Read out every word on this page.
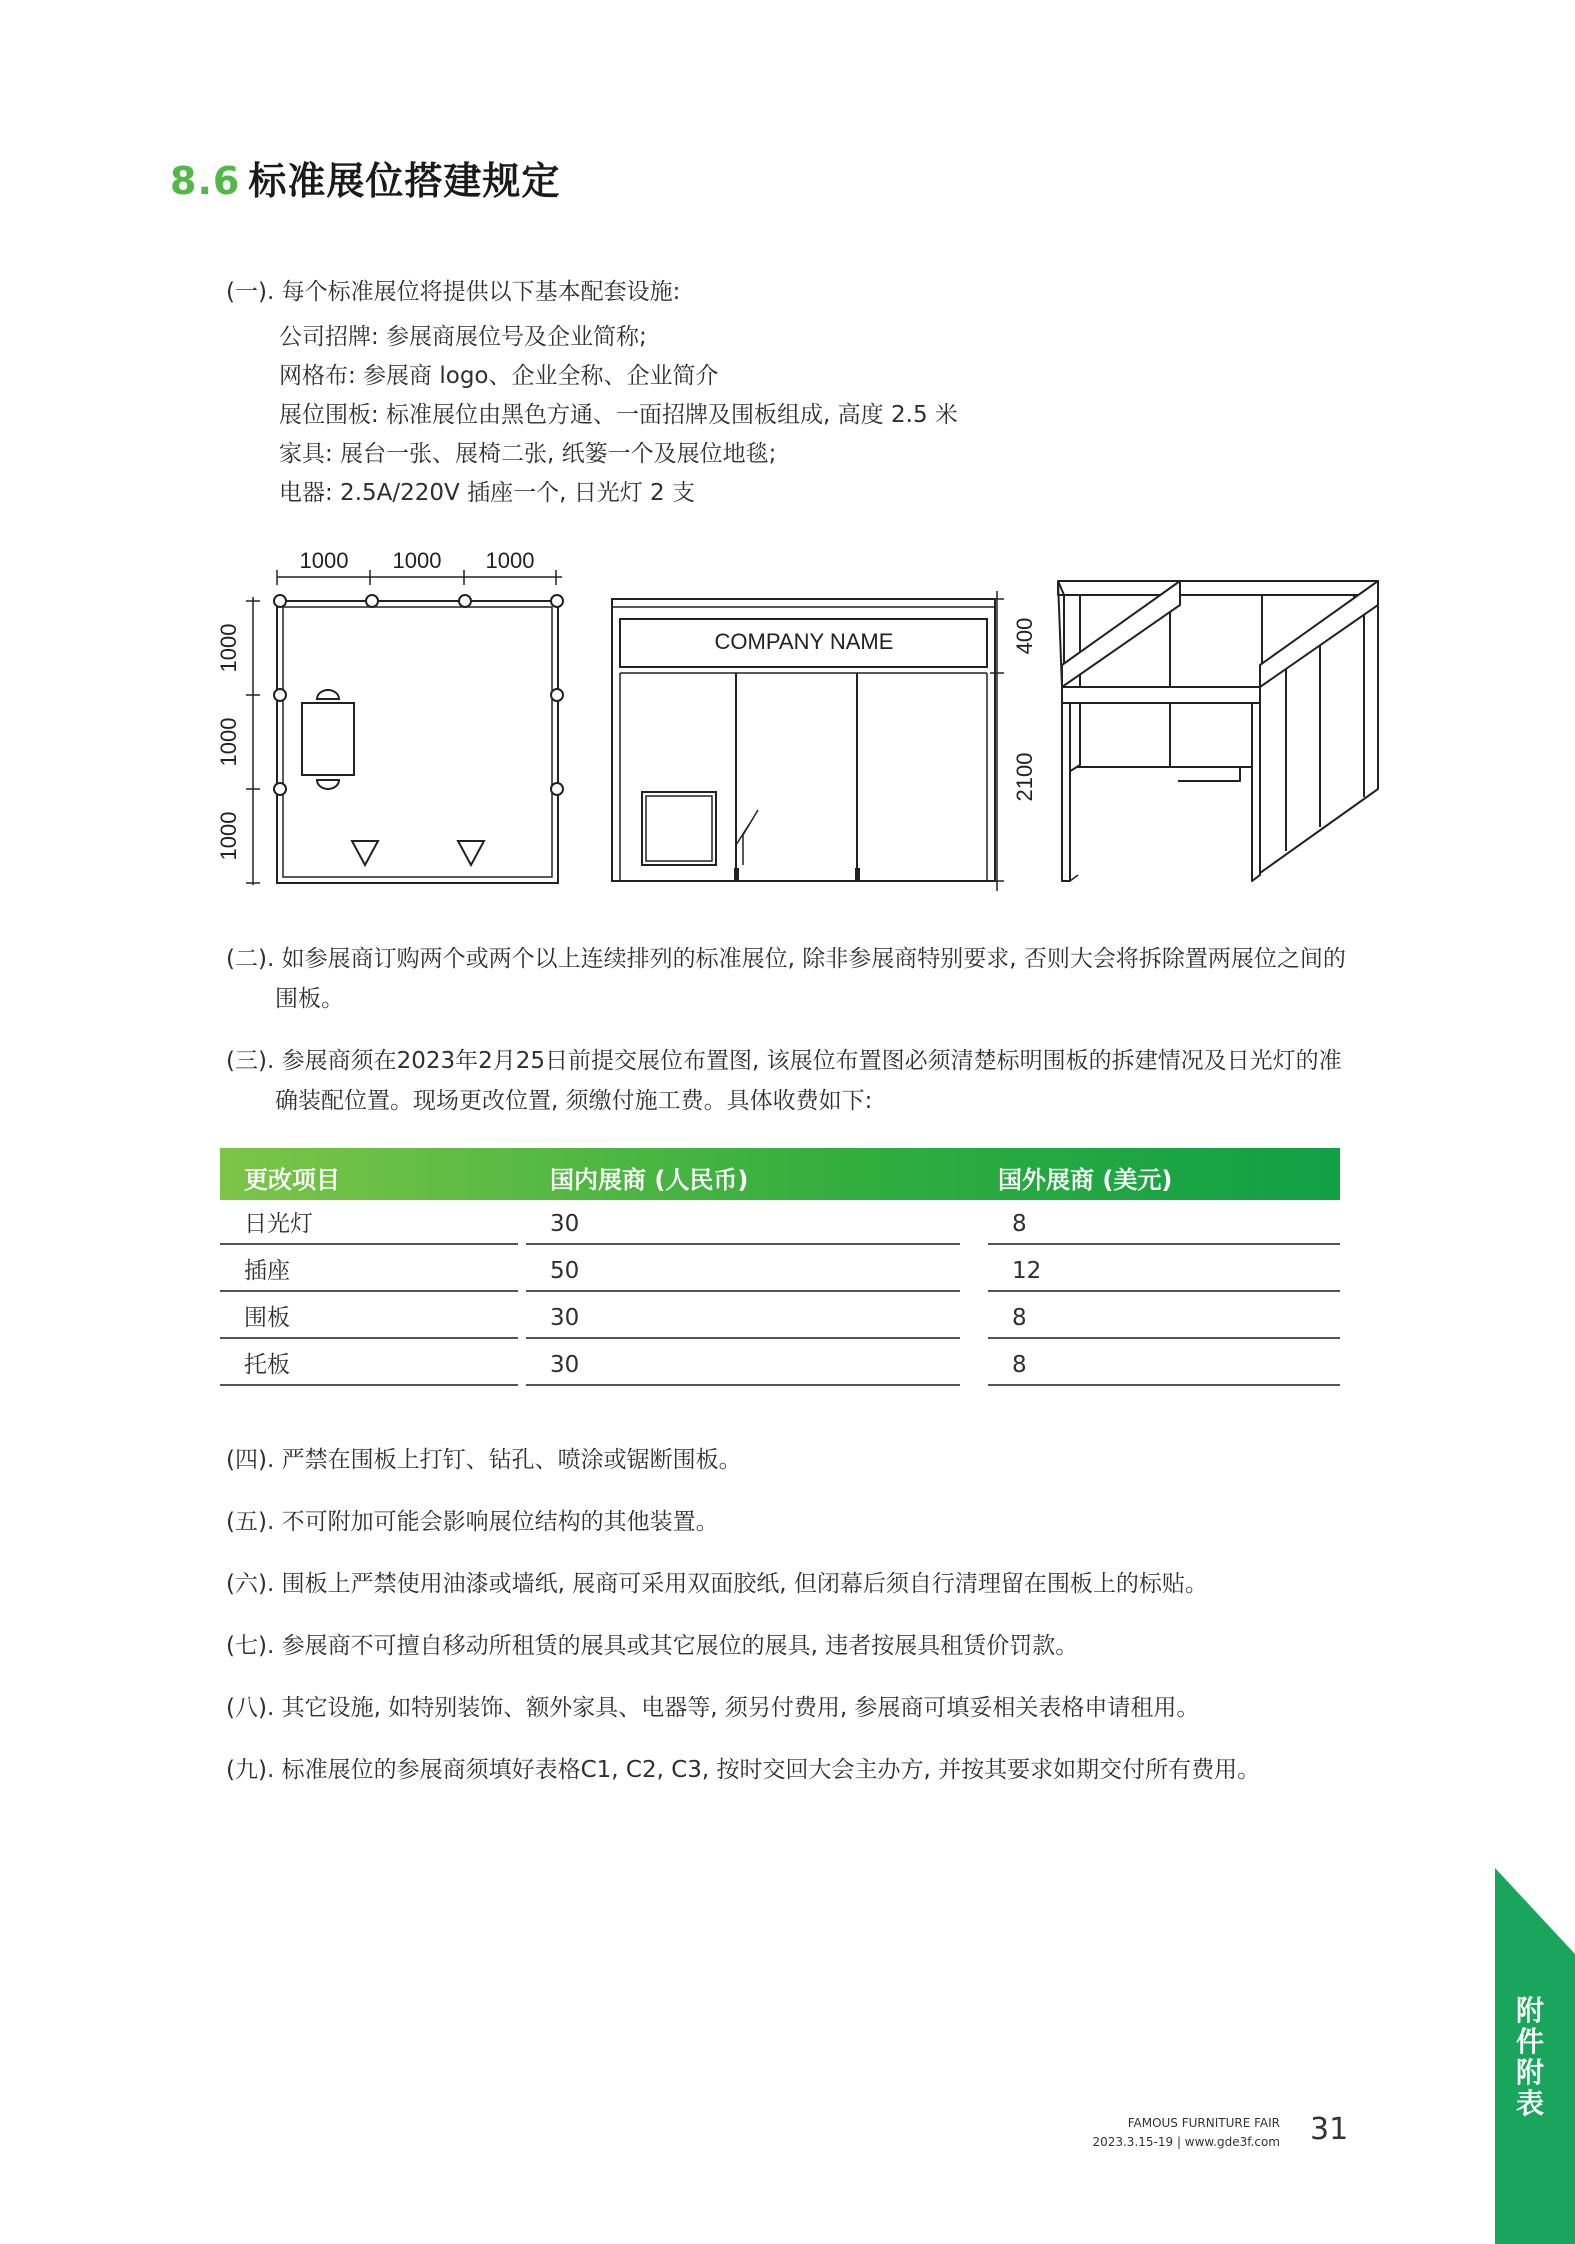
8.6 标准展位搭建规定
(一). 每个标准展位将提供以下基本配套设施:
公司招牌: 参展商展位号及企业简称;
网格布: 参展商 logo、企业全称、企业简介
展位围板: 标准展位由黑色方通、一面招牌及围板组成, 高度 2.5 米
家具: 展台一张、展椅二张, 纸篓一个及展位地毯;
电器: 2.5A/220V 插座一个, 日光灯 2 支
1000 1000 1000
1000
1000
1000
COMPANY NAME	400
2100
(二). 如参展商订购两个或两个以上连续排列的标准展位, 除非参展商特别要求, 否则大会将拆除置两展位之间的围板。
(三). 参展商须在2023年2月25日前提交展位布置图, 该展位布置图必须清楚标明围板的拆建情况及日光灯的准确装配位置。现场更改位置, 须缴付施工费。具体收费如下:
更改项目	国内展商 (人民币)	国外展商 (美元)
日光灯	30	8
插座	50	12
围板	30	8
托板	30	8
(四). 严禁在围板上打钉、钻孔、喷涂或锯断围板。
(五). 不可附加可能会影响展位结构的其他装置。
(六). 围板上严禁使用油漆或墙纸, 展商可采用双面胶纸, 但闭幕后须自行清理留在围板上的标贴。
(七). 参展商不可擅自移动所租赁的展具或其它展位的展具, 违者按展具租赁价罚款。
(八). 其它设施, 如特别装饰、额外家具、电器等, 须另付费用, 参展商可填妥相关表格申请租用。
(九). 标准展位的参展商须填好表格C1, C2, C3, 按时交回大会主办方, 并按其要求如期交付所有费用。
FAMOUS FURNITURE FAIR
2023.3.15-19 | www.gde3f.com 31
附
件
附
表
